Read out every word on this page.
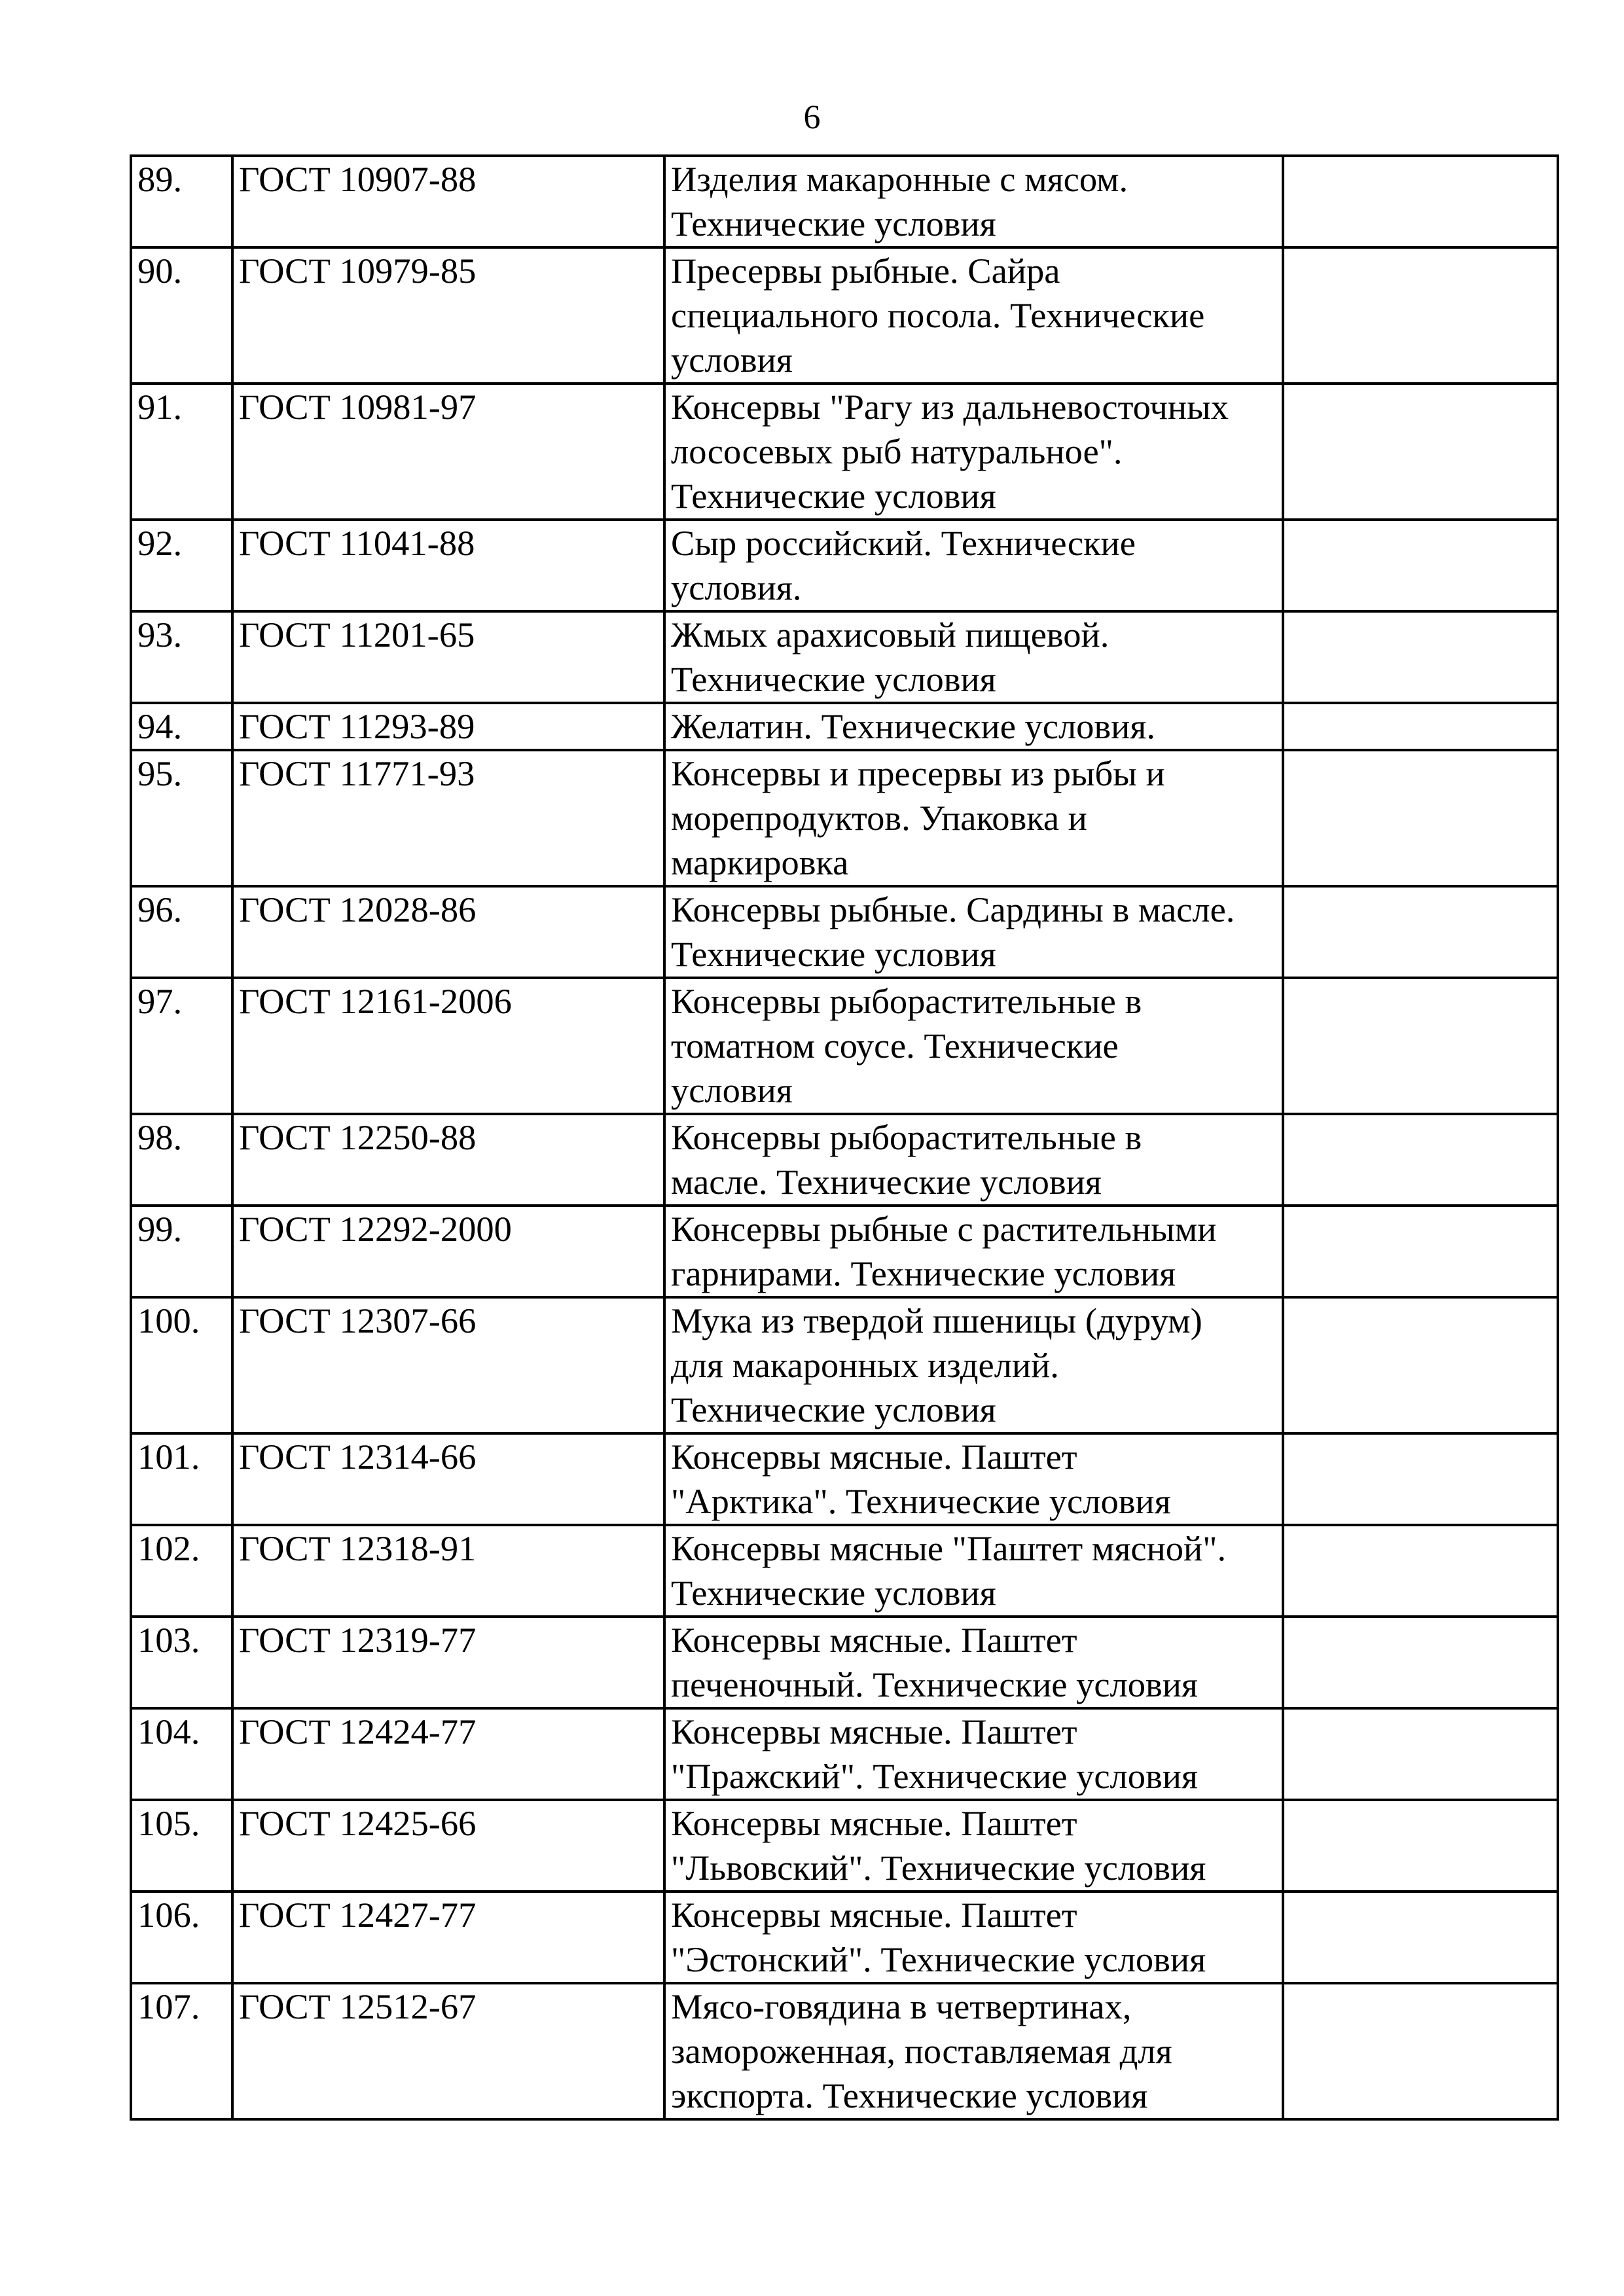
6
89.	ГОСТ 10907-88	Изделия макаронные с мясом.
Технические условия	

90.	ГОСТ 10979-85	Пресервы рыбные. Сайра
специального посола. Технические
условия	

91.	ГОСТ 10981-97	Консервы "Рагу из дальневосточных
лососевых рыб натуральное".
Технические условия	

92.	ГОСТ 11041-88	Сыр российский. Технические
условия.	

93.	ГОСТ 11201-65	Жмых арахисовый пищевой.
Технические условия	

94.	ГОСТ 11293-89	Желатин. Технические условия.	

95.	ГОСТ 11771-93	Консервы и пресервы из рыбы и
морепродуктов. Упаковка и
маркировка	

96.	ГОСТ 12028-86	Консервы рыбные. Сардины в масле.
Технические условия	

97.	ГОСТ 12161-2006	Консервы рыборастительные в
томатном соусе. Технические
условия	

98.	ГОСТ 12250-88	Консервы рыборастительные в
масле. Технические условия	

99.	ГОСТ 12292-2000	Консервы рыбные с растительными
гарнирами. Технические условия	

100.	ГОСТ 12307-66	Мука из твердой пшеницы (дурум)
для макаронных изделий.
Технические условия	

101.	ГОСТ 12314-66	Консервы мясные. Паштет
"Арктика". Технические условия	

102.	ГОСТ 12318-91	Консервы мясные "Паштет мясной".
Технические условия	

103.	ГОСТ 12319-77	Консервы мясные. Паштет
печеночный. Технические условия	

104.	ГОСТ 12424-77	Консервы мясные. Паштет
"Пражский". Технические условия	

105.	ГОСТ 12425-66	Консервы мясные. Паштет
"Львовский". Технические условия	

106.	ГОСТ 12427-77	Консервы мясные. Паштет
"Эстонский". Технические условия	

107.	ГОСТ 12512-67	Мясо-говядина в четвертинах,
замороженная, поставляемая для
экспорта. Технические условия	
